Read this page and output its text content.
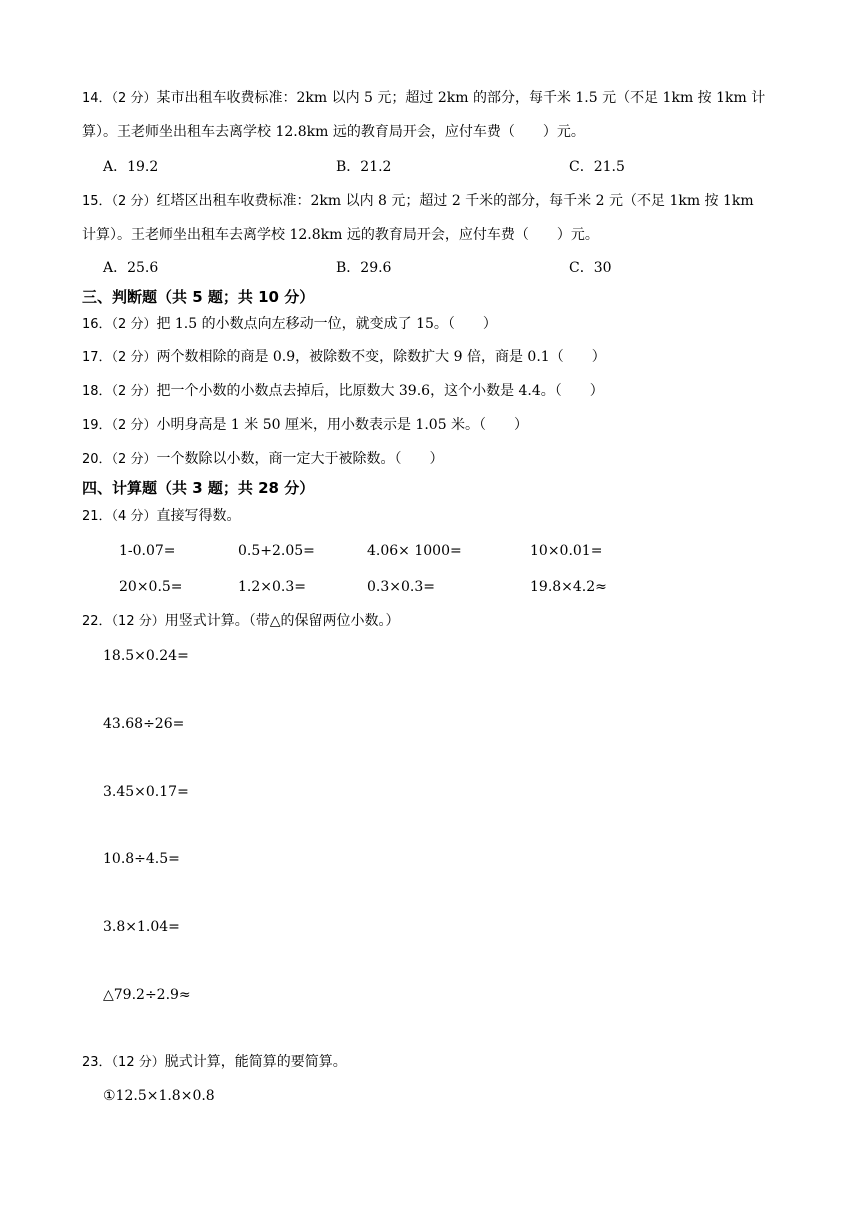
14．（2 分）某市出租车收费标准：2km 以内 5 元；超过 2km 的部分，每千米 1.5 元（不足 1km 按 1km 计
算）。王老师坐出租车去离学校 12.8km 远的教育局开会，应付车费（　　）元。
A．19.2	B．21.2	C．21.5
15．（2 分）红塔区出租车收费标准：2km 以内 8 元；超过 2 千米的部分，每千米 2 元（不足 1km 按 1km
计算）。王老师坐出租车去离学校 12.8km 远的教育局开会，应付车费（　　）元。
A．25.6	B．29.6	C．30
三、判断题（共 5 题；共 10 分）
16．（2 分）把 1.5 的小数点向左移动一位，就变成了 15。（　　）
17．（2 分）两个数相除的商是 0.9，被除数不变，除数扩大 9 倍，商是 0.1（　　）
18．（2 分）把一个小数的小数点去掉后，比原数大 39.6，这个小数是 4.4。（　　）
19．（2 分）小明身高是 1 米 50 厘米，用小数表示是 1.05 米。（　　）
20．（2 分）一个数除以小数，商一定大于被除数。（　　）
四、计算题（共 3 题；共 28 分）
21．（4 分）直接写得数。
1-0.07=	0.5+2.05=	4.06× 1000=	10×0.01=
20×0.5=	1.2×0.3=	0.3×0.3=	19.8×4.2≈
22．（12 分）用竖式计算。（带△的保留两位小数。）
18.5×0.24=
43.68÷26=
3.45×0.17=
10.8÷4.5=
3.8×1.04=
△79.2÷2.9≈
23．（12 分）脱式计算，能简算的要简算。
①12.5×1.8×0.8
